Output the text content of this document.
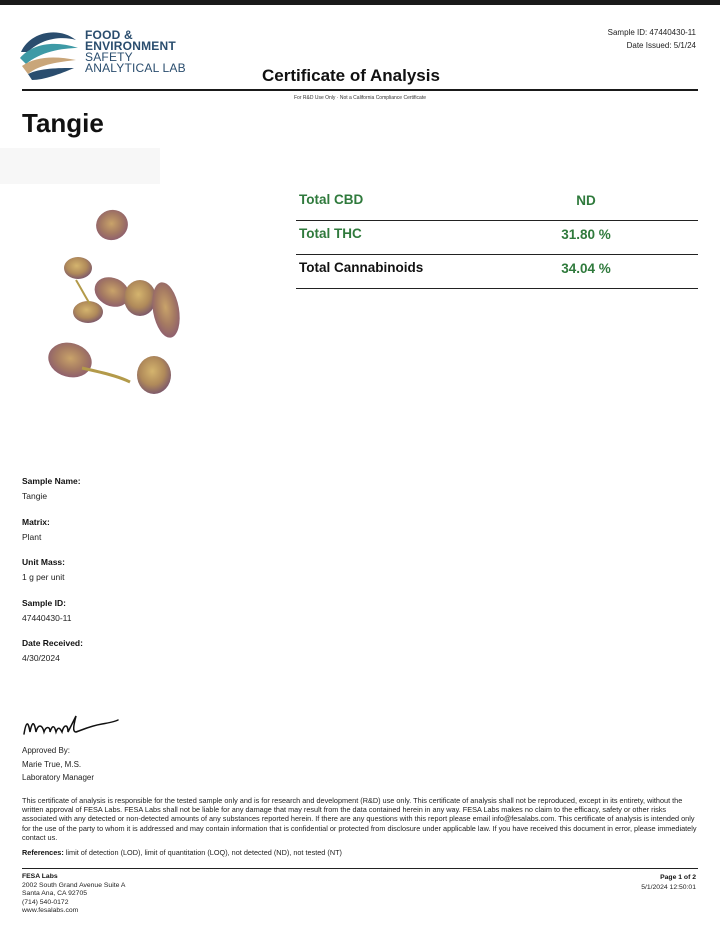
FOOD &
ENVIRONMENT
SAFETY
ANALYTICAL LAB	Certificate of Analysis
Sample ID: 47440430-11
Date Issued: 5/1/24
For R&D Use Only · Not a California Compliance Certificate
Tangie
Total CBD	ND
Total THC	31.80 %
Total Cannabinoids	34.04 %
Sample Name:
Tangie
Matrix:
Plant
Unit Mass:
1 g per unit
Sample ID:
47440430-11
Date Received:
4/30/2024
Approved By:
Marie True, M.S.
Laboratory Manager
This certificate of analysis is responsible for the tested sample only and is for research and development (R&D) use only. This certificate of analysis shall not be reproduced, except in its entirety, without the written approval of FESA Labs. FESA Labs shall not be liable for any damage that may result from the data contained herein in any way. FESA Labs makes no claim to the efficacy, safety or other risks associated with any detected or non-detected amounts of any substances reported herein. If there are any questions with this report please email info@fesalabs.com. This certificate of analysis is intended only for the use of the party to whom it is addressed and may contain information that is confidential or protected from disclosure under applicable law. If you have received this document in error, please immediately contact us.
References: limit of detection (LOD), limit of quantitation (LOQ), not detected (ND), not tested (NT)
FESA Labs
2002 South Grand Avenue Suite A
Santa Ana, CA 92705
(714) 540-0172
www.fesalabs.com
Page 1 of 2
5/1/2024 12:50:01
